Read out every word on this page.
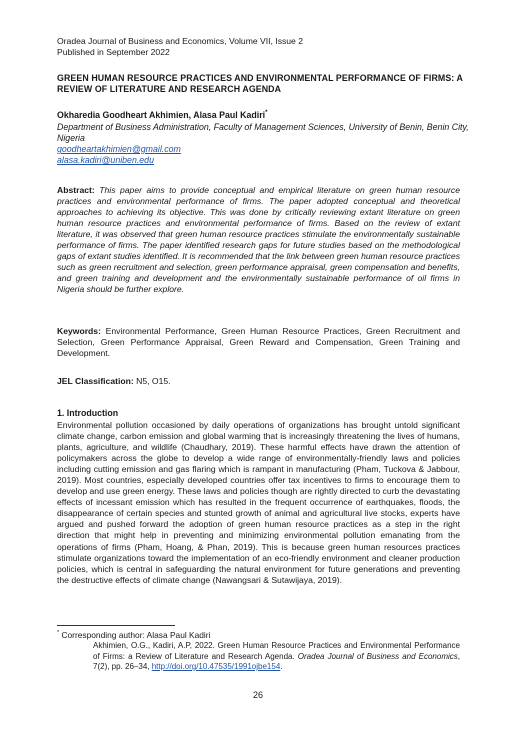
Oradea Journal of Business and Economics, Volume VII, Issue 2
Published in September 2022
GREEN HUMAN RESOURCE PRACTICES AND ENVIRONMENTAL PERFORMANCE OF FIRMS: A REVIEW OF LITERATURE AND RESEARCH AGENDA
Okharedia Goodheart Akhimien, Alasa Paul Kadiri*
Department of Business Administration, Faculty of Management Sciences, University of Benin, Benin City, Nigeria
goodheartakhimien@gmail.com
alasa.kadiri@uniben.edu
Abstract: This paper aims to provide conceptual and empirical literature on green human resource practices and environmental performance of firms. The paper adopted conceptual and theoretical approaches to achieving its objective. This was done by critically reviewing extant literature on green human resource practices and environmental performance of firms. Based on the review of extant literature, it was observed that green human resource practices stimulate the environmentally sustainable performance of firms. The paper identified research gaps for future studies based on the methodological gaps of extant studies identified. It is recommended that the link between green human resource practices such as green recruitment and selection, green performance appraisal, green compensation and benefits, and green training and development and the environmentally sustainable performance of oil firms in Nigeria should be further explore.
Keywords: Environmental Performance, Green Human Resource Practices, Green Recruitment and Selection, Green Performance Appraisal, Green Reward and Compensation, Green Training and Development.
JEL Classification: N5, O15.
1. Introduction
Environmental pollution occasioned by daily operations of organizations has brought untold significant climate change, carbon emission and global warming that is increasingly threatening the lives of humans, plants, agriculture, and wildlife (Chaudhary, 2019). These harmful effects have drawn the attention of policymakers across the globe to develop a wide range of environmentally-friendly laws and policies including cutting emission and gas flaring which is rampant in manufacturing (Pham, Tuckova & Jabbour, 2019). Most countries, especially developed countries offer tax incentives to firms to encourage them to develop and use green energy. These laws and policies though are rightly directed to curb the devastating effects of incessant emission which has resulted in the frequent occurrence of earthquakes, floods, the disappearance of certain species and stunted growth of animal and agricultural live stocks, experts have argued and pushed forward the adoption of green human resource practices as a step in the right direction that might help in preventing and minimizing environmental pollution emanating from the operations of firms (Pham, Hoang, & Phan, 2019). This is because green human resources practices stimulate organizations toward the implementation of an eco-friendly environment and cleaner production policies, which is central in safeguarding the natural environment for future generations and preventing the destructive effects of climate change (Nawangsari & Sutawijaya, 2019).
* Corresponding author: Alasa Paul Kadiri
Akhimien, O.G., Kadiri, A.P, 2022. Green Human Resource Practices and Environmental Performance of Firms: a Review of Literature and Research Agenda. Oradea Journal of Business and Economics, 7(2), pp. 26–34, http://doi.org/10.47535/1991ojbe154.
26
